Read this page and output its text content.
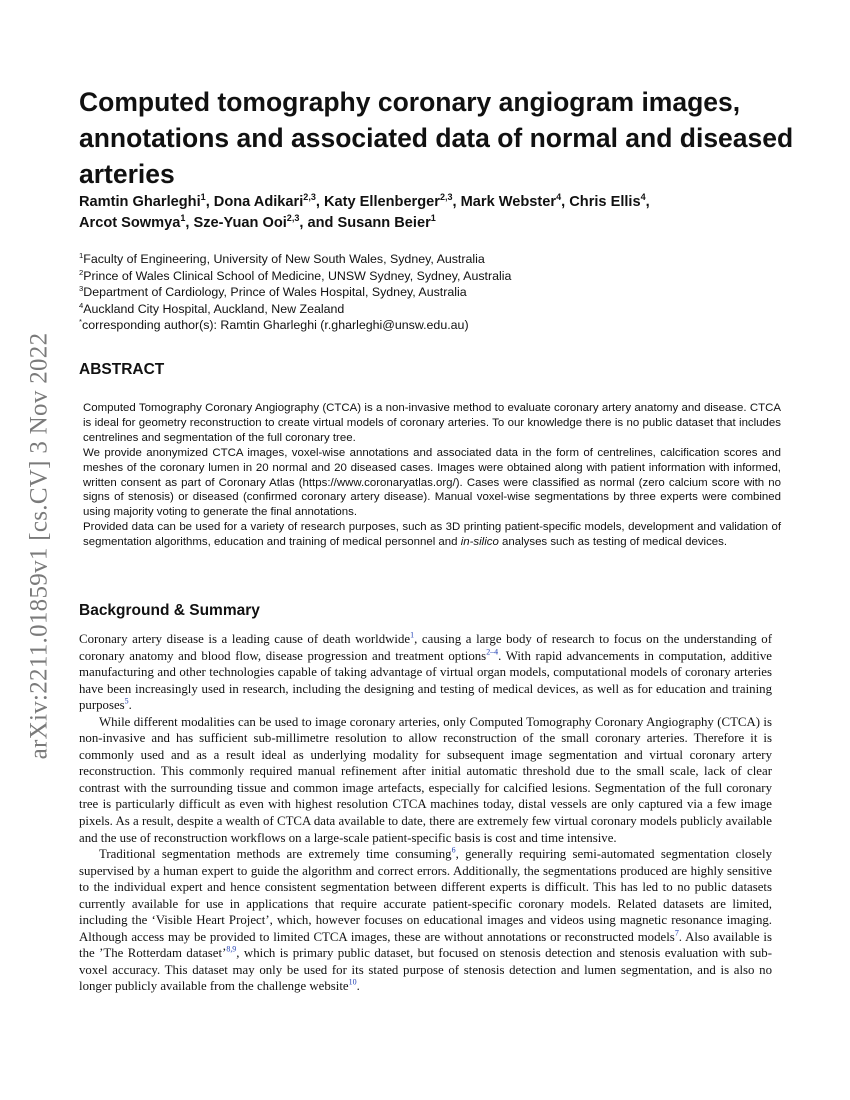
arXiv:2211.01859v1 [cs.CV] 3 Nov 2022
Computed tomography coronary angiogram images, annotations and associated data of normal and diseased arteries

Ramtin Gharleghi$^1$, Dona Adikari$^{2,3}$, Katy Ellenberger$^{2,3}$, Mark Webster$^4$, Chris Ellis$^4$,
Arcot Sowmya$^1$, Sze-Yuan Ooi$^{2,3}$, and Susann Beier$^1$

$^1$Faculty of Engineering, University of New South Wales, Sydney, Australia
$^2$Prince of Wales Clinical School of Medicine, UNSW Sydney, Sydney, Australia
$^3$Department of Cardiology, Prince of Wales Hospital, Sydney, Australia
$^4$Auckland City Hospital, Auckland, New Zealand
*corresponding author(s): Ramtin Gharleghi (r.gharleghi@unsw.edu.au)
ABSTRACT

Computed Tomography Coronary Angiography (CTCA) is a non-invasive method to evaluate coronary artery anatomy and disease. CTCA is ideal for geometry reconstruction to create virtual models of coronary arteries. To our knowledge there is no public dataset that includes centrelines and segmentation of the full coronary tree.

We provide anonymized CTCA images, voxel-wise annotations and associated data in the form of centrelines, calcification scores and meshes of the coronary lumen in 20 normal and 20 diseased cases. Images were obtained along with patient information with informed, written consent as part of Coronary Atlas (https://www.coronaryatlas.org/). Cases were classified as normal (zero calcium score with no signs of stenosis) or diseased (confirmed coronary artery disease). Manual voxel-wise segmentations by three experts were combined using majority voting to generate the final annotations.

Provided data can be used for a variety of research purposes, such as 3D printing patient-specific models, development and validation of segmentation algorithms, education and training of medical personnel and in-silico analyses such as testing of medical devices.

Background & Summary

Coronary artery disease is a leading cause of death worldwide$^1$, causing a large body of research to focus on the understanding of coronary anatomy and blood flow, disease progression and treatment options$^{2-4}$. With rapid advancements in computation, additive manufacturing and other technologies capable of taking advantage of virtual organ models, computational models of coronary arteries have been increasingly used in research, including the designing and testing of medical devices, as well as for education and training purposes$^5$.

While different modalities can be used to image coronary arteries, only Computed Tomography Coronary Angiography (CTCA) is non-invasive and has sufficient sub-millimetre resolution to allow reconstruction of the small coronary arteries. Therefore it is commonly used and as a result ideal as underlying modality for subsequent image segmentation and virtual coronary artery reconstruction. This commonly required manual refinement after initial automatic threshold due to the small scale, lack of clear contrast with the surrounding tissue and common image artefacts, especially for calcified lesions. Segmentation of the full coronary tree is particularly difficult as even with highest resolution CTCA machines today, distal vessels are only captured via a few image pixels. As a result, despite a wealth of CTCA data available to date, there are extremely few virtual coronary models publicly available and the use of reconstruction workflows on a large-scale patient-specific basis is cost and time intensive.

Traditional segmentation methods are extremely time consuming$^6$, generally requiring semi-automated segmentation closely supervised by a human expert to guide the algorithm and correct errors. Additionally, the segmentations produced are highly sensitive to the individual expert and hence consistent segmentation between different experts is difficult. This has led to no public datasets currently available for use in applications that require accurate patient-specific coronary models. Related datasets are limited, including the ‘Visible Heart Project’, which, however focuses on educational images and videos using magnetic resonance imaging. Although access may be provided to limited CTCA images, these are without annotations or reconstructed models$^7$. Also available is the ’The Rotterdam dataset’$^{8,9}$, which is primary public dataset, but focused on stenosis detection and stenosis evaluation with sub-voxel accuracy. This dataset may only be used for its stated purpose of stenosis detection and lumen segmentation, and is also no longer publicly available from the challenge website$^{10}$.
